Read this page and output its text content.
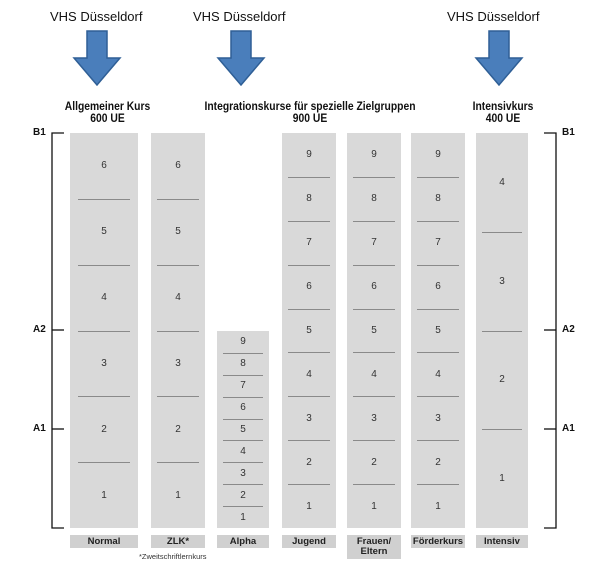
VHS Düsseldorf	VHS Düsseldorf	VHS Düsseldorf
Allgemeiner Kurs
600 UE
Integrationskurse für spezielle Zielgruppen
900 UE
Intensivkurs
400 UE
B1
A2
A1
B1
A2
A1
1
2
3
4
5
6
Normal
1
2
3
4
5
6
ZLK*
1
2
3
4
5
6
7
8
9
Alpha
1
2
3
4
5
6
7
8
9
Jugend
1
2
3
4
5
6
7
8
9
Frauen/
Eltern
1
2
3
4
5
6
7
8
9
Förderkurs
1
2
3
4
Intensiv
*Zweitschriftlernkurs
